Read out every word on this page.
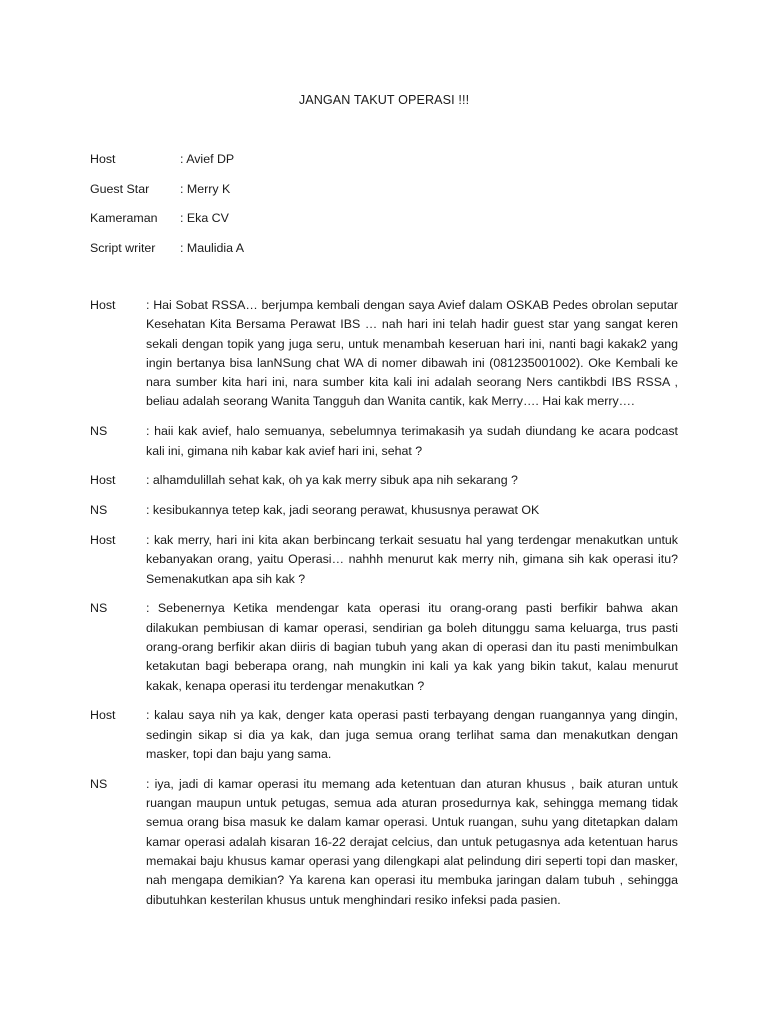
JANGAN TAKUT OPERASI !!!
Host	: Avief DP
Guest Star	: Merry K
Kameraman	: Eka CV
Script writer	: Maulidia A
Host	: Hai Sobat RSSA… berjumpa kembali dengan saya Avief dalam OSKAB Pedes obrolan seputar Kesehatan Kita Bersama Perawat IBS … nah hari ini telah hadir guest star yang sangat keren sekali dengan topik yang juga seru, untuk menambah keseruan hari ini, nanti bagi kakak2 yang ingin bertanya bisa lanNSung chat WA di nomer dibawah ini (081235001002). Oke Kembali ke nara sumber kita hari ini, nara sumber kita kali ini adalah seorang Ners cantikbdi IBS RSSA , beliau adalah seorang Wanita Tangguh dan Wanita cantik, kak Merry…. Hai kak merry….
NS	: haii kak avief, halo semuanya, sebelumnya terimakasih ya sudah diundang ke acara podcast kali ini, gimana nih kabar kak avief hari ini, sehat ?
Host	: alhamdulillah sehat kak, oh ya kak merry sibuk apa nih sekarang ?
NS	: kesibukannya tetep kak, jadi seorang perawat, khususnya perawat OK
Host	: kak merry, hari ini kita akan berbincang terkait sesuatu hal yang terdengar menakutkan untuk kebanyakan orang, yaitu Operasi… nahhh menurut kak merry nih, gimana sih kak operasi itu? Semenakutkan apa sih kak ?
NS	: Sebenernya Ketika mendengar kata operasi itu orang-orang pasti berfikir bahwa akan dilakukan pembiusan di kamar operasi, sendirian ga boleh ditunggu sama keluarga, trus pasti orang-orang berfikir akan diiris di bagian tubuh yang akan di operasi dan itu pasti menimbulkan ketakutan bagi beberapa orang, nah mungkin ini kali ya kak yang bikin takut, kalau menurut kakak, kenapa operasi itu terdengar menakutkan ?
Host	: kalau saya nih ya kak, denger kata operasi pasti terbayang dengan ruangannya yang dingin, sedingin sikap si dia ya kak, dan juga semua orang terlihat sama dan menakutkan dengan masker, topi dan baju yang sama.
NS	: iya, jadi di kamar operasi itu memang ada ketentuan dan aturan khusus , baik aturan untuk ruangan maupun untuk petugas, semua ada aturan prosedurnya kak, sehingga memang tidak semua orang bisa masuk ke dalam kamar operasi. Untuk ruangan, suhu yang ditetapkan dalam kamar operasi adalah kisaran 16-22 derajat celcius, dan untuk petugasnya ada ketentuan harus memakai baju khusus kamar operasi yang dilengkapi alat pelindung diri seperti topi dan masker, nah mengapa demikian? Ya karena kan operasi itu membuka jaringan dalam tubuh , sehingga dibutuhkan kesterilan khusus untuk menghindari resiko infeksi pada pasien.
